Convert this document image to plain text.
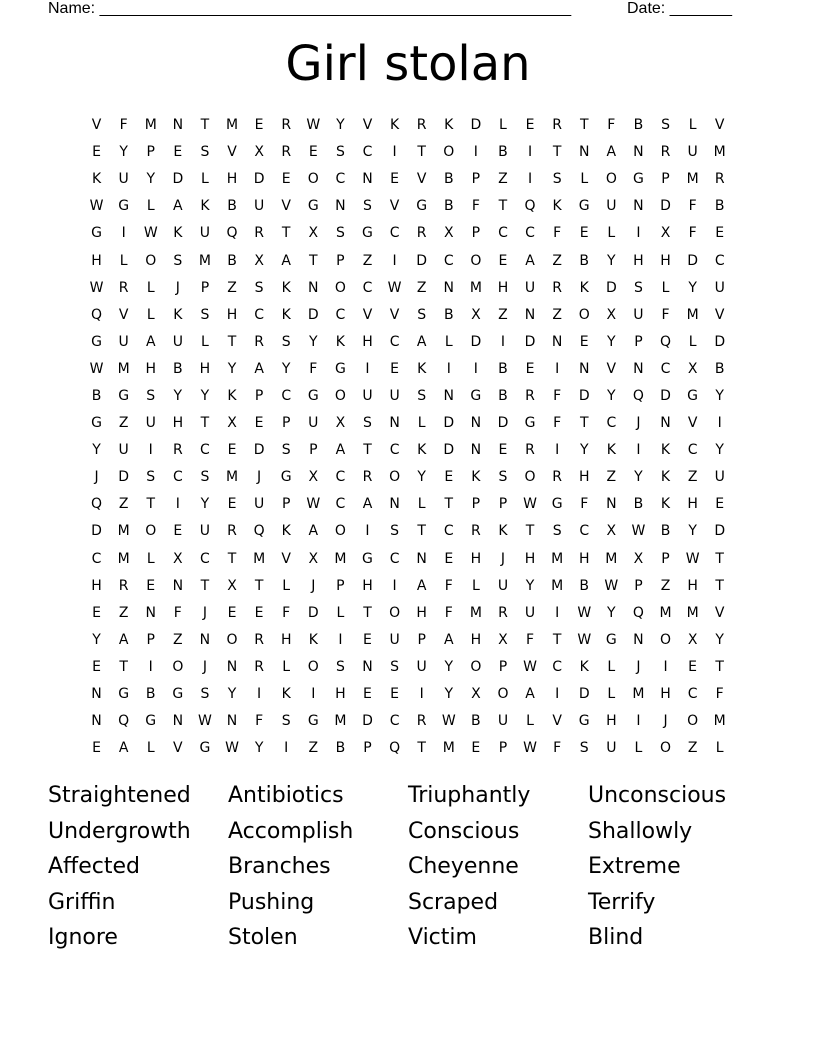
Name: _____________________________________________________	Date: _______
Girl stolan
V	F	M	N	T	M	E	R	W	Y	V	K	R	K	D	L	E	R	T	F	B	S	L	V
E	Y	P	E	S	V	X	R	E	S	C	I	T	O	I	B	I	T	N	A	N	R	U	M
K	U	Y	D	L	H	D	E	O	C	N	E	V	B	P	Z	I	S	L	O	G	P	M	R
W	G	L	A	K	B	U	V	G	N	S	V	G	B	F	T	Q	K	G	U	N	D	F	B
G	I	W	K	U	Q	R	T	X	S	G	C	R	X	P	C	C	F	E	L	I	X	F	E
H	L	O	S	M	B	X	A	T	P	Z	I	D	C	O	E	A	Z	B	Y	H	H	D	C
W	R	L	J	P	Z	S	K	N	O	C	W	Z	N	M	H	U	R	K	D	S	L	Y	U
Q	V	L	K	S	H	C	K	D	C	V	V	S	B	X	Z	N	Z	O	X	U	F	M	V
G	U	A	U	L	T	R	S	Y	K	H	C	A	L	D	I	D	N	E	Y	P	Q	L	D
W	M	H	B	H	Y	A	Y	F	G	I	E	K	I	I	B	E	I	N	V	N	C	X	B
B	G	S	Y	Y	K	P	C	G	O	U	U	S	N	G	B	R	F	D	Y	Q	D	G	Y
G	Z	U	H	T	X	E	P	U	X	S	N	L	D	N	D	G	F	T	C	J	N	V	I
Y	U	I	R	C	E	D	S	P	A	T	C	K	D	N	E	R	I	Y	K	I	K	C	Y
J	D	S	C	S	M	J	G	X	C	R	O	Y	E	K	S	O	R	H	Z	Y	K	Z	U
Q	Z	T	I	Y	E	U	P	W	C	A	N	L	T	P	P	W	G	F	N	B	K	H	E
D	M	O	E	U	R	Q	K	A	O	I	S	T	C	R	K	T	S	C	X	W	B	Y	D
C	M	L	X	C	T	M	V	X	M	G	C	N	E	H	J	H	M	H	M	X	P	W	T
H	R	E	N	T	X	T	L	J	P	H	I	A	F	L	U	Y	M	B	W	P	Z	H	T
E	Z	N	F	J	E	E	F	D	L	T	O	H	F	M	R	U	I	W	Y	Q	M	M	V
Y	A	P	Z	N	O	R	H	K	I	E	U	P	A	H	X	F	T	W	G	N	O	X	Y
E	T	I	O	J	N	R	L	O	S	N	S	U	Y	O	P	W	C	K	L	J	I	E	T
N	G	B	G	S	Y	I	K	I	H	E	E	I	Y	X	O	A	I	D	L	M	H	C	F
N	Q	G	N	W	N	F	S	G	M	D	C	R	W	B	U	L	V	G	H	I	J	O	M
E	A	L	V	G	W	Y	I	Z	B	P	Q	T	M	E	P	W	F	S	U	L	O	Z	L
Straightened	Antibiotics	Triuphantly	Unconscious
Undergrowth	Accomplish	Conscious	Shallowly
Affected	Branches	Cheyenne	Extreme
Griffin	Pushing	Scraped	Terrify
Ignore	Stolen	Victim	Blind
